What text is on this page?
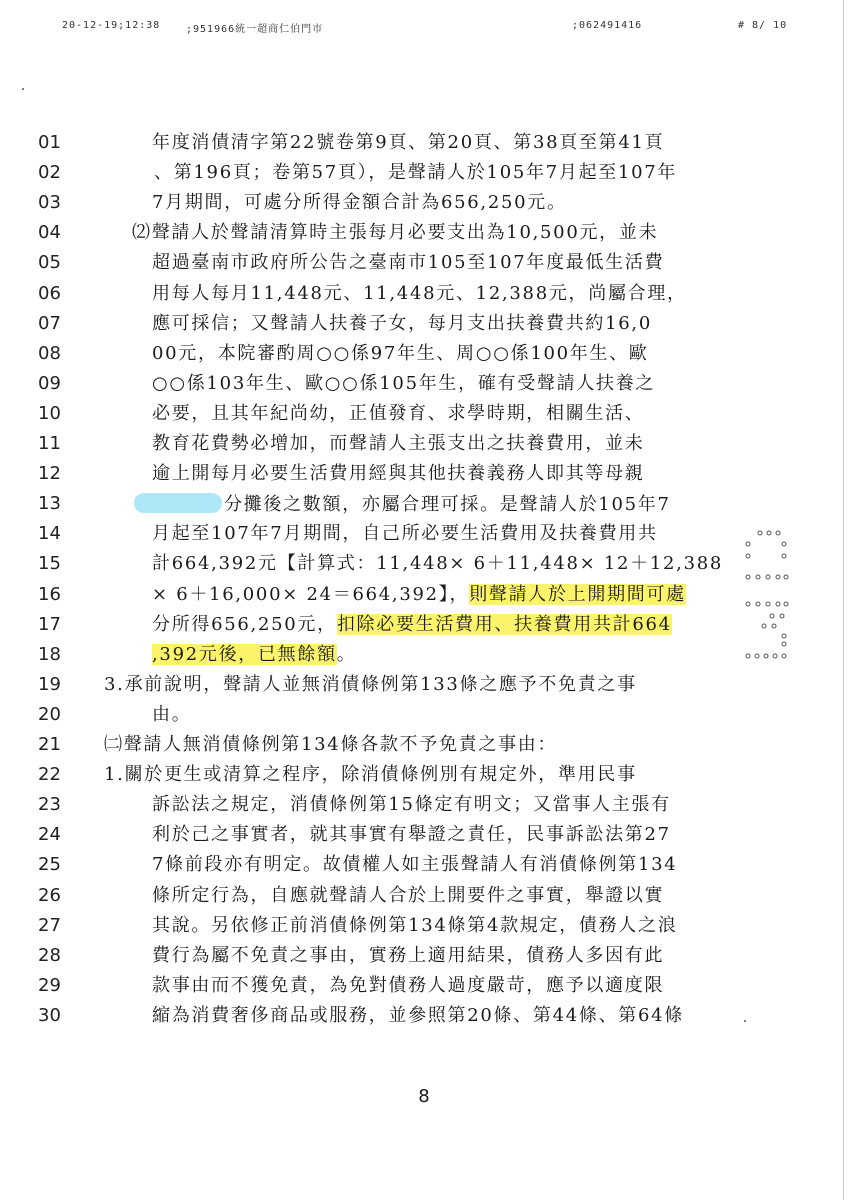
20-12-19;12:38	;951966統一超商仁伯門市	;062491416	# 8/ 10
01	年度消債清字第22號卷第9頁、第20頁、第38頁至第41頁
02	、第196頁；卷第57頁），是聲請人於105年7月起至107年
03	7月期間，可處分所得金額合計為656,250元。
04	⑵聲請人於聲請清算時主張每月必要支出為10,500元，並未
05	超過臺南市政府所公告之臺南市105至107年度最低生活費
06	用每人每月11,448元、11,448元、12,388元，尚屬合理，
07	應可採信；又聲請人扶養子女，每月支出扶養費共約16,0
08	00元，本院審酌周○○係97年生、周○○係100年生、歐
09	○○係103年生、歐○○係105年生，確有受聲請人扶養之
10	必要，且其年紀尚幼，正值發育、求學時期，相關生活、
11	教育花費勢必增加，而聲請人主張支出之扶養費用，並未
12	逾上開每月必要生活費用經與其他扶養義務人即其等母親
13	分攤後之數額，亦屬合理可採。是聲請人於105年7
14	月起至107年7月期間，自己所必要生活費用及扶養費用共
15	計664,392元【計算式：11,448× 6＋11,448× 12＋12,388
16	× 6＋16,000× 24＝664,392】，則聲請人於上開期間可處
17	分所得656,250元，扣除必要生活費用、扶養費用共計664
18	,392元後，已無餘額。
19	3.承前說明，聲請人並無消債條例第133條之應予不免責之事
20	由。
21	㈡聲請人無消債條例第134條各款不予免責之事由：
22	1.關於更生或清算之程序，除消債條例別有規定外，準用民事
23	訴訟法之規定，消債條例第15條定有明文；又當事人主張有
24	利於己之事實者，就其事實有舉證之責任，民事訴訟法第27
25	7條前段亦有明定。故債權人如主張聲請人有消債條例第134
26	條所定行為，自應就聲請人合於上開要件之事實，舉證以實
27	其說。另依修正前消債條例第134條第4款規定，債務人之浪
28	費行為屬不免責之事由，實務上適用結果，債務人多因有此
29	款事由而不獲免責，為免對債務人過度嚴苛，應予以適度限
30	縮為消費奢侈商品或服務，並參照第20條、第44條、第64條
8
